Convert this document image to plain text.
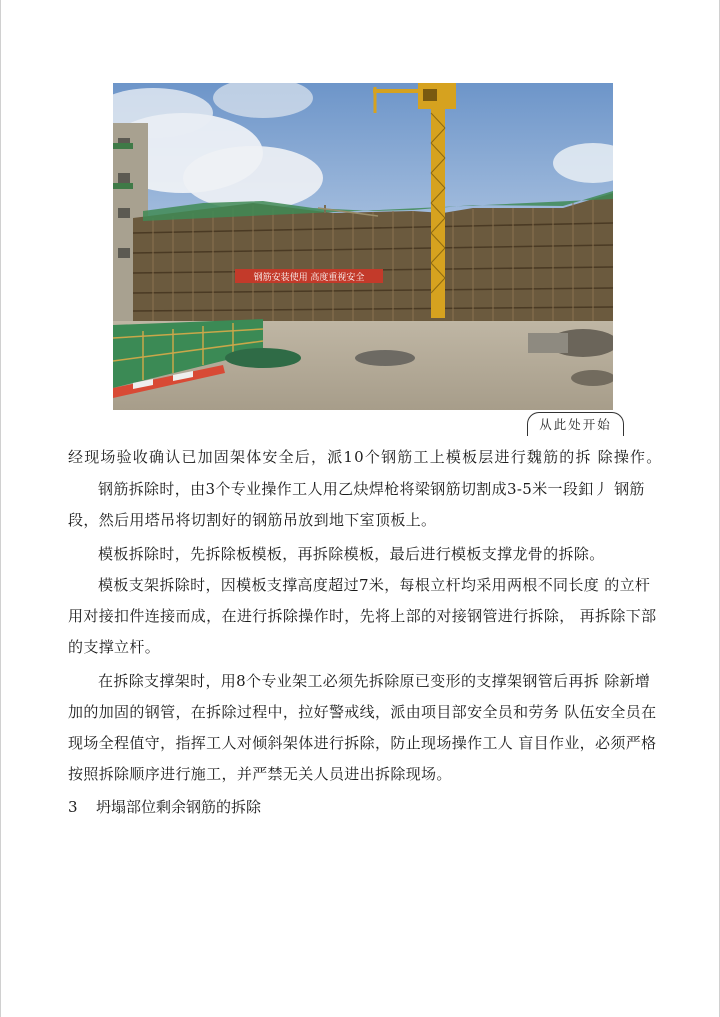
钢筋安装使用 高度重视安全
从此处开始

经现场验收确认已加固架体安全后，派10个钢筋工上模板层进行魏筋的拆 除操作。

钢筋拆除时，由3个专业操作工人用乙炔焊枪将梁钢筋切割成3-5米一段釦丿 钢筋段，然后用塔吊将切割好的钢筋吊放到地下室顶板上。

模板拆除时，先拆除板模板，再拆除模板，最后进行模板支撑龙骨的拆除。

模板支架拆除时，因模板支撑高度超过7米，每根立杆均采用两根不同长度 的立杆用对接扣件连接而成，在进行拆除操作时，先将上部的对接钢管进行拆除， 再拆除下部的支撑立杆。

在拆除支撑架时，用8个专业架工必须先拆除原已变形的支撑架钢管后再拆 除新增加的加固的钢管，在拆除过程中，拉好警戒线，派由项目部安全员和劳务 队伍安全员在现场全程值守，指挥工人对倾斜架体进行拆除，防止现场操作工人 盲目作业，必须严格按照拆除顺序进行施工，并严禁无关人员进出拆除现场。

3 坍塌部位剩余钢筋的拆除
